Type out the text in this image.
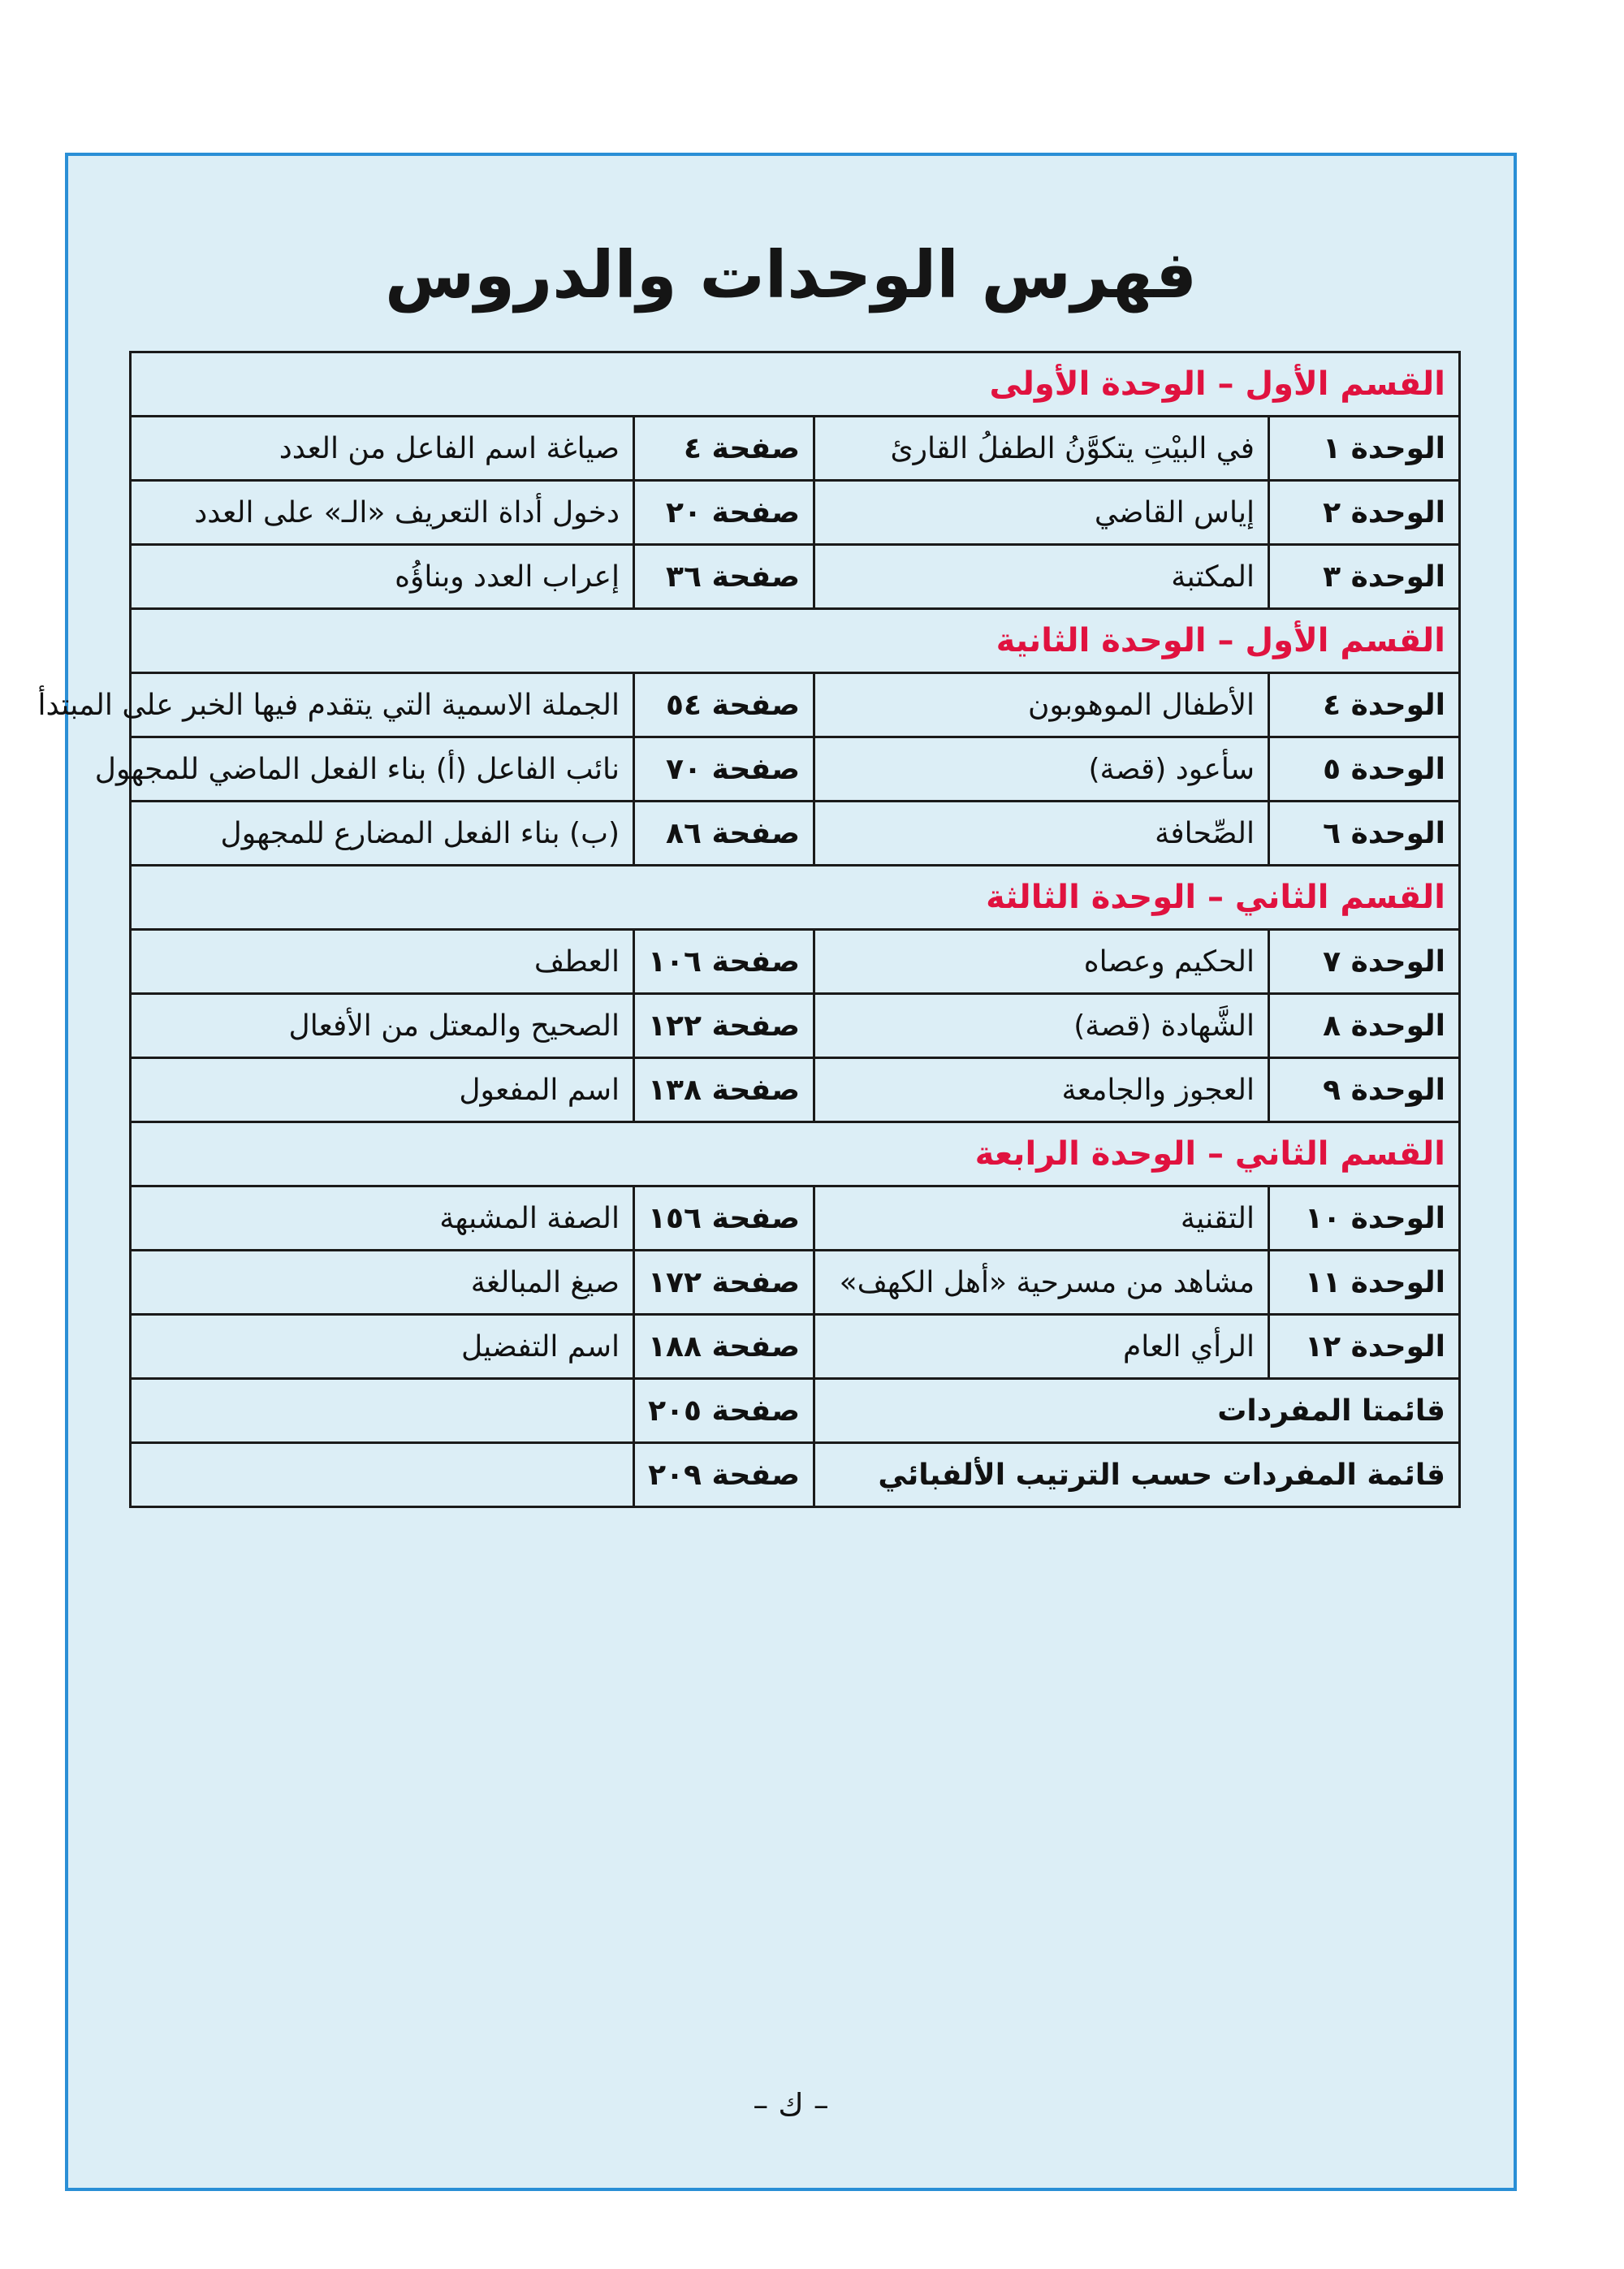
فهرس الوحدات والدروس
القسم الأول – الوحدة الأولى			
الوحدة ١	في البيْتِ يتكوَّنُ الطفلُ القارئ	صفحة ٤	صياغة اسم الفاعل من العدد
الوحدة ٢	إياس القاضي	صفحة ٢٠	دخول أداة التعريف «الـ» على العدد
الوحدة ٣	المكتبة	صفحة ٣٦	إعراب العدد وبناؤُه
القسم الأول – الوحدة الثانية			
الوحدة ٤	الأطفال الموهوبون	صفحة ٥٤	الجملة الاسمية التي يتقدم فيها الخبر على المبتدأ
الوحدة ٥	سأعود (قصة)	صفحة ٧٠	نائب الفاعل (أ) بناء الفعل الماضي للمجهول
الوحدة ٦	الصِّحافة	صفحة ٨٦	(ب) بناء الفعل المضارع للمجهول
القسم الثاني – الوحدة الثالثة			
الوحدة ٧	الحكيم وعصاه	صفحة ١٠٦	العطف
الوحدة ٨	الشَّهادة (قصة)	صفحة ١٢٢	الصحيح والمعتل من الأفعال
الوحدة ٩	العجوز والجامعة	صفحة ١٣٨	اسم المفعول
القسم الثاني – الوحدة الرابعة			
الوحدة ١٠	التقنية	صفحة ١٥٦	الصفة المشبهة
الوحدة ١١	مشاهد من مسرحية «أهل الكهف»	صفحة ١٧٢	صيغ المبالغة
الوحدة ١٢	الرأي العام	صفحة ١٨٨	اسم التفضيل
قائمتا المفردات		صفحة ٢٠٥	
قائمة المفردات حسب الترتيب الألفبائي		صفحة ٢٠٩	
– ك –
